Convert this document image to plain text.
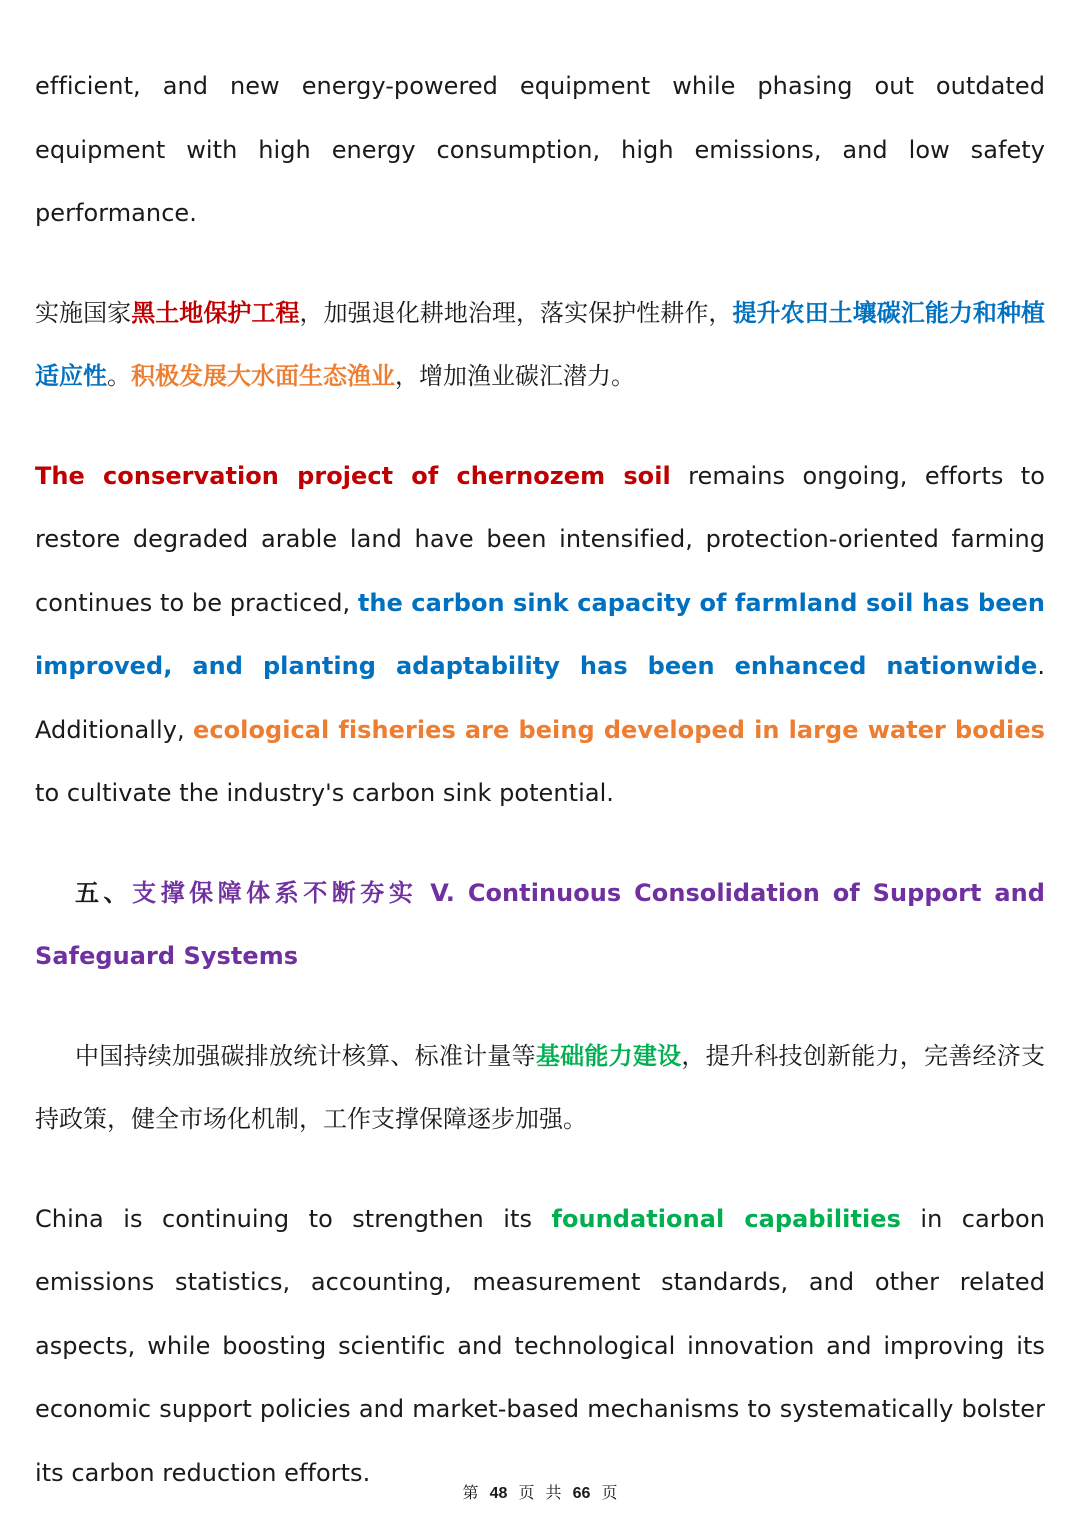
efficient, and new energy-powered equipment while phasing out outdated equipment with high energy consumption, high emissions, and low safety performance.

实施国家黑土地保护工程，加强退化耕地治理，落实保护性耕作，提升农田土壤碳汇能力和种植适应性。积极发展大水面生态渔业，增加渔业碳汇潜力。

The conservation project of chernozem soil remains ongoing, efforts to restore degraded arable land have been intensified, protection-oriented farming continues to be practiced, the carbon sink capacity of farmland soil has been improved, and planting adaptability has been enhanced nationwide. Additionally, ecological fisheries are being developed in large water bodies to cultivate the industry's carbon sink potential.

五、支撑保障体系不断夯实 V. Continuous Consolidation of Support and Safeguard Systems

中国持续加强碳排放统计核算、标准计量等基础能力建设，提升科技创新能力，完善经济支持政策，健全市场化机制，工作支撑保障逐步加强。

China is continuing to strengthen its foundational capabilities in carbon emissions statistics, accounting, measurement standards, and other related aspects, while boosting scientific and technological innovation and improving its economic support policies and market-based mechanisms to systematically bolster its carbon reduction efforts.

第 48 页 共 66 页
